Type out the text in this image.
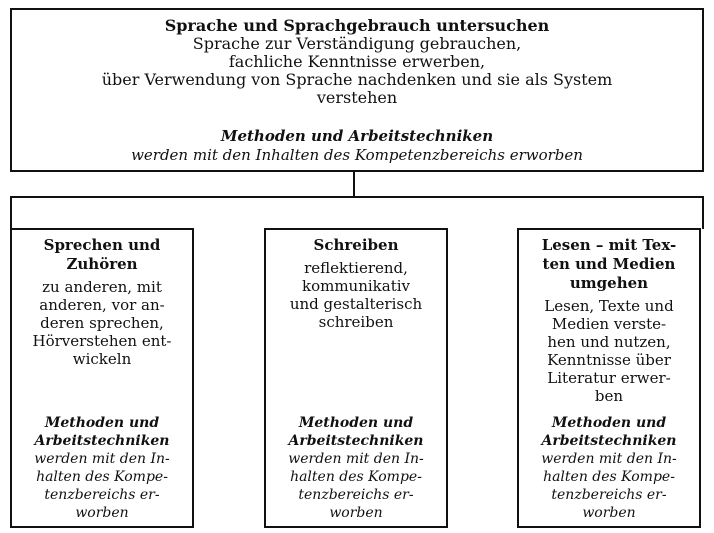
Sprache und Sprachgebrauch untersuchen
Sprache zur Verständigung gebrauchen,
fachliche Kenntnisse erwerben,
über Verwendung von Sprache nachdenken und sie als System
verstehen
Methoden und Arbeitstechniken
werden mit den Inhalten des Kompetenzbereichs erworben
Sprechen und
Zuhören
zu anderen, mit
anderen, vor an-
deren sprechen,
Hörverstehen ent-
wickeln
Methoden und
Arbeitstechniken
werden mit den In-
halten des Kompe-
tenzbereichs er-
worben
Schreiben
reflektierend,
kommunikativ
und gestalterisch
schreiben
Methoden und
Arbeitstechniken
werden mit den In-
halten des Kompe-
tenzbereichs er-
worben
Lesen – mit Tex-
ten und Medien
umgehen
Lesen, Texte und
Medien verste-
hen und nutzen,
Kenntnisse über
Literatur erwer-
ben
Methoden und
Arbeitstechniken
werden mit den In-
halten des Kompe-
tenzbereichs er-
worben
